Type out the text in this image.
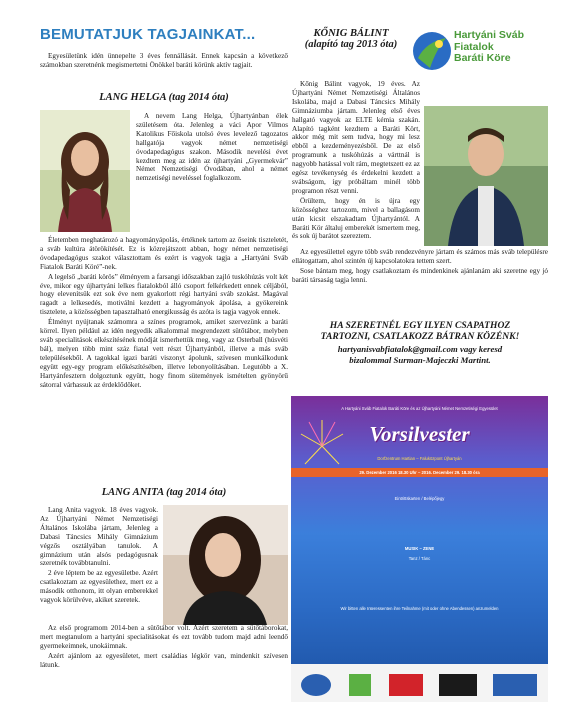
BEMUTATJUK TAGJAINKAT...

Egyesületünk idén ünnepelte 3 éves fennállását. Ennek kapcsán a következő számokban szeretnénk megismertetni Önökkel baráti körünk aktív tagjait.

LANG HELGA (tag 2014 óta)

A nevem Lang Helga, Újhartyánban élek születésem óta. Jelenleg a váci Apor Vilmos Katolikus Főiskola utolsó éves levelező tagozatos hallgatója vagyok német nemzetiségi óvodapedagógus szakon. Második nevelési évet kezdtem meg az idén az újhartyáni „Gyermekvár” Német Nemzetiségi Óvodában, ahol a német nemzetiségi neveléssel foglalkozom.

Életemben meghatározó a hagyományápolás, értéknek tartom az őseink tiszteletét, a sváb kultúra átörökítését. Ez is közrejátszott abban, hogy német nemzetiségi óvodapedagógus szakot választottam és ezért is vagyok tagja a „Hartyáni Sváb Fiatalok Baráti Köré”-nek.

A legelső „baráti körös” élményem a farsangi időszakban zajló tuskóhúzás volt két éve, mikor egy újhartyáni lelkes fiatalokból álló csoport felkérkedett ennek céljából, hogy elevenítsük ezt sok éve nem gyakorlott régi hartyáni sváb szokást. Magával ragadt a lelkesedés, motiválni kezdett a hagyományok ápolása, a gyökereink tisztelete, a közösségben tapasztalható energikusság és azóta is tagja vagyok ennek.

Élményt nyújtanak számomra a színes programok, amiket szervezünk a baráti körrel. Ilyen például az idén negyedik alkalommal megrendezett sütőtábor, melyben sváb specialitások elkészítésének módját ismerhettük meg, vagy az Osterball (húsvéti bál), melyen több mint száz fiatal vett részt Újhartyánból, illetve a más sváb településekből. A tagokkal igazi baráti viszonyt ápolunk, szívesen munkálkodunk együtt egy-egy program előkészítésében, illetve lebonyolításában. Legutóbb a X. Hartyánfesztern dolgoztunk együtt, hogy finom sütemények ismételten gyönyörű sátorral várhassuk az érdeklődőket.

LANG ANITA (tag 2014 óta)

Lang Anita vagyok. 18 éves vagyok. Az Újhartyáni Német Nemzetiségi Általános Iskolába jártam, Jelenleg a Dabasi Táncsics Mihály Gimnázium végzős osztályában tanulok. A gimnázium után alsós pedagógusnak szeretnék továbbtanulni.

2 éve léptem be az egyesületbe. Azért csatlakoztam az egyesülethez, mert ez a második otthonom, itt olyan emberekkel vagyok körülvéve, akiket szeretek.

Az első programom 2014-ben a sütőtábor volt. Azért szeretem a sütőtáborokat, mert megtanulom a hartyáni specialitásokat és ezt tovább tudom majd adni leendő gyermekeimnek, unokáimnak.

Azért ajánlom az egyesületet, mert családias légkör van, mindenkit szívesen látunk.

KŐNIG BÁLINT
(alapító tag 2013 óta)
Hartyáni Sváb
Fiatalok
Baráti Köre

Kőnig Bálint vagyok, 19 éves. Az Újhartyáni Német Nemzetiségi Általános Iskolába, majd a Dabasi Táncsics Mihály Gimnáziumba jártam. Jelenleg első éves hallgató vagyok az ELTE kémia szakán. Alapító tagként kezdtem a Baráti Kört, akkor még mit sem tudva, hogy mi lesz ebből a kezdeményezésből. De az első programunk a tuskóhúzás a várttnál is nagyobb hatással volt rám, megtetszett ez az egész tevékenység és érdekelni kezdett a svábságom, így próbáltam minél több programon részt venni.

Örültem, hogy én is újra egy közösséghez tartozom, mivel a ballagásom után kicsit elszakadtam Újhartyántól. A Baráti Kör általuj emberekét ismertem meg, és sok új barátot szereztem.

Az egyesülettel egyre több sváb rendezvényre jártam és számos más sváb településre ellátogattam, ahol szintén új kapcsolatokra tettem szert.

Sose bántam meg, hogy csatlakoztam és mindenkinek ajánlanám aki szeretne egy jó baráti társaság tagja lenni.

HA SZERETNÉL EGY ILYEN CSAPATHOZ
TARTOZNI, CSATLAKOZZ BÁTRAN KÖZÉNK!
hartyanisvabfiatalok@gmail.com vagy keresd
bizalommal Surman-Majeczki Martint.
A Hartyáni Sváb Fiatalok Baráti Köre és az Újhartyáni Német Nemzetiségi Egyesület
Vorsilvester
Dorfzentrum Hartian – Faluközpont Újhartyán
29. Dezember 2016 18.30 Uhr – 2016. December 29. 18.30 óra
Eintrittskarten / Belépőjegy
MUSIK – ZENE
Tanz / Tánc
Wir bitten alle Interessenten ihre Teilnahme (mit oder ohne Abendessen) anzumelden
